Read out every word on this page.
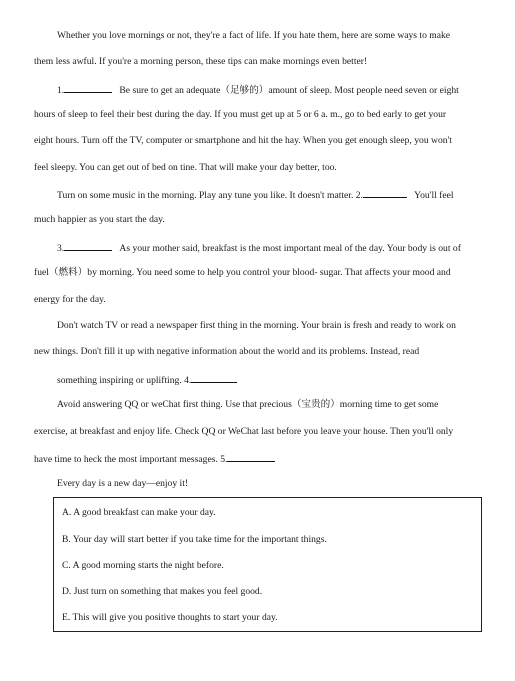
Whether you love mornings or not, they're a fact of life. If you hate them, here are some ways to make
them less awful. If you're a morning person, these tips can make mornings even better!
1.	Be sure to get an adequate（足够的）amount of sleep. Most people need seven or eight
hours of sleep to feel their best during the day. If you must get up at 5 or 6 a. m., go to bed early to get your
eight hours. Turn off the TV, computer or smartphone and hit the hay. When you get enough sleep, you won't
feel sleepy. You can get out of bed on tine. That will make your day better, too.
Turn on some music in the morning. Play any tune you like. It doesn't matter. 2.	You'll feel
much happier as you start the day.
3.	As your mother said, breakfast is the most important meal of the day. Your body is out of
fuel（燃料）by morning. You need some to help you control your blood- sugar. That affects your mood and
energy for the day.
Don't watch TV or read a newspaper first thing in the morning. Your brain is fresh and ready to work on
new things. Don't fill it up with negative information about the world and its problems. Instead, read
something inspiring or uplifting. 4.
Avoid answering QQ or weChat first thing. Use that precious（宝贵的）morning time to get some
exercise, at breakfast and enjoy life. Check QQ or WeChat last before you leave your house. Then you'll only
have time to heck the most important messages. 5.
Every day is a new day—enjoy it!
A. A good breakfast can make your day.
B. Your day will start better if you take time for the important things.
C. A good morning starts the night before.
D. Just turn on something that makes you feel good.
E. This will give you positive thoughts to start your day.
